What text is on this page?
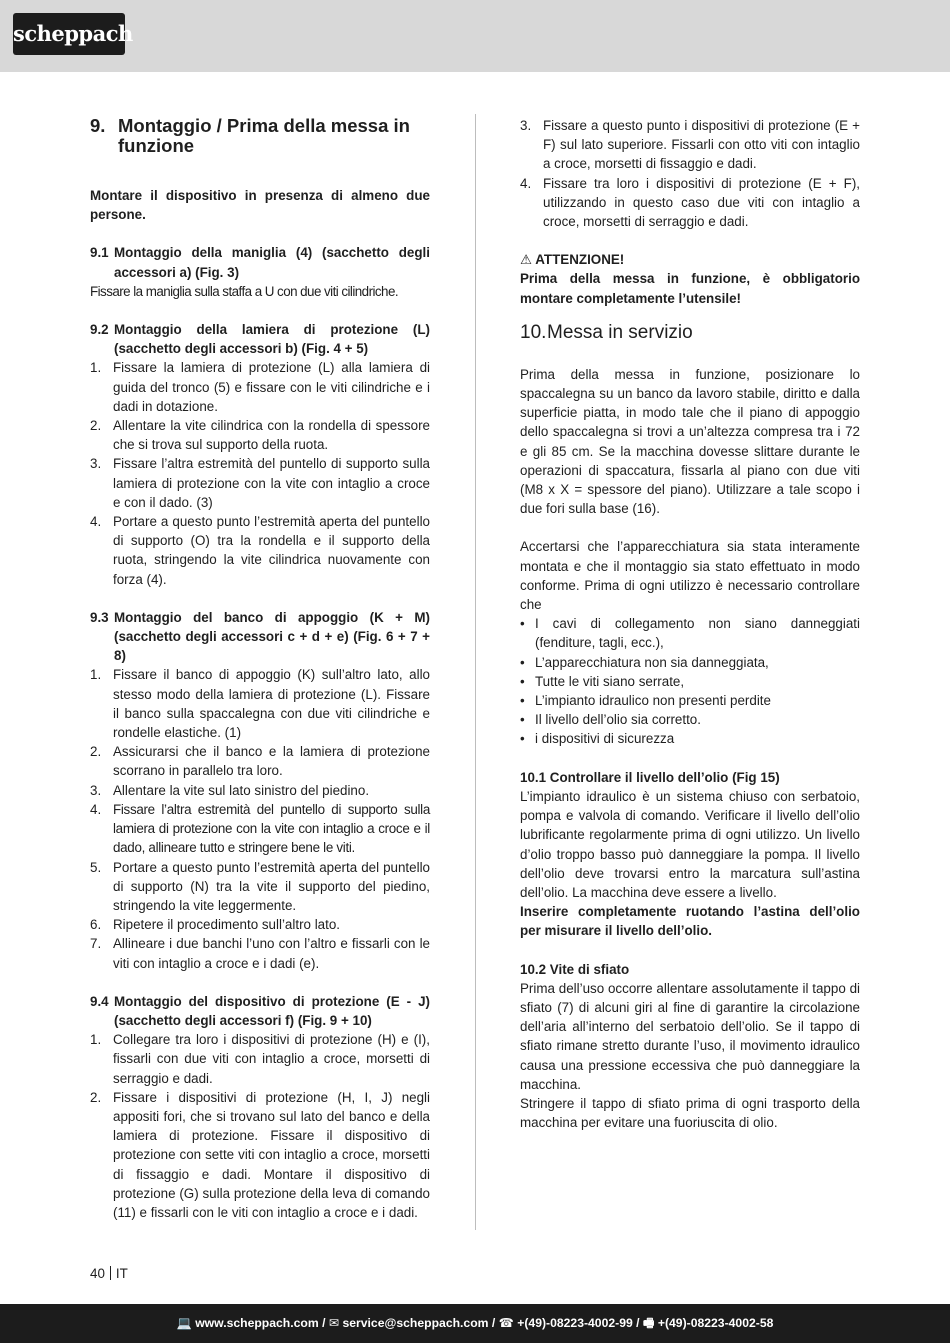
scheppach
9. Montaggio / Prima della messa in funzione

Montare il dispositivo in presenza di almeno due persone.

9.1 Montaggio della maniglia (4) (sacchetto degli accessori a) (Fig. 3)

Fissare la maniglia sulla staffa a U con due viti cilindriche.

9.2 Montaggio della lamiera di protezione (L) (sacchetto degli accessori b) (Fig. 4 + 5)
1. Fissare la lamiera di protezione (L) alla lamiera di guida del tronco (5) e fissare con le viti cilindriche e i dadi in dotazione.
2. Allentare la vite cilindrica con la rondella di spessore che si trova sul supporto della ruota.
3. Fissare l’altra estremità del puntello di supporto sulla lamiera di protezione con la vite con intaglio a croce e con il dado. (3)
4. Portare a questo punto l’estremità aperta del puntello di supporto (O) tra la rondella e il supporto della ruota, stringendo la vite cilindrica nuovamente con forza (4).
9.3 Montaggio del banco di appoggio (K + M) (sacchetto degli accessori c + d + e) (Fig. 6 + 7 + 8)
1. Fissare il banco di appoggio (K) sull’altro lato, allo stesso modo della lamiera di protezione (L). Fissare il banco sulla spaccalegna con due viti cilindriche e rondelle elastiche. (1)
2. Assicurarsi che il banco e la lamiera di protezione scorrano in parallelo tra loro.
3. Allentare la vite sul lato sinistro del piedino.
4. Fissare l’altra estremità del puntello di supporto sulla lamiera di protezione con la vite con intaglio a croce e il dado, allineare tutto e stringere bene le viti.
5. Portare a questo punto l’estremità aperta del puntello di supporto (N) tra la vite il supporto del piedino, stringendo la vite leggermente.
6. Ripetere il procedimento sull’altro lato.
7. Allineare i due banchi l’uno con l’altro e fissarli con le viti con intaglio a croce e i dadi (e).
9.4 Montaggio del dispositivo di protezione (E - J) (sacchetto degli accessori f) (Fig. 9 + 10)
1. Collegare tra loro i dispositivi di protezione (H) e (I), fissarli con due viti con intaglio a croce, morsetti di serraggio e dadi.
2. Fissare i dispositivi di protezione (H, I, J) negli appositi fori, che si trovano sul lato del banco e della lamiera di protezione. Fissare il dispositivo di protezione con sette viti con intaglio a croce, morsetti di fissaggio e dadi. Montare il dispositivo di protezione (G) sulla protezione della leva di comando (11) e fissarli con le viti con intaglio a croce e i dadi.
3. Fissare a questo punto i dispositivi di protezione (E + F) sul lato superiore. Fissarli con otto viti con intaglio a croce, morsetti di fissaggio e dadi.
4. Fissare tra loro i dispositivi di protezione (E + F), utilizzando in questo caso due viti con intaglio a croce, morsetti di serraggio e dadi.

⚠ ATTENZIONE!

Prima della messa in funzione, è obbligatorio montare completamente l’utensile!

10. Messa in servizio

Prima della messa in funzione, posizionare lo spaccalegna su un banco da lavoro stabile, diritto e dalla superficie piatta, in modo tale che il piano di appoggio dello spaccalegna si trovi a un’altezza compresa tra i 72 e gli 85 cm. Se la macchina dovesse slittare durante le operazioni di spaccatura, fissarla al piano con due viti (M8 x X = spessore del piano). Utilizzare a tale scopo i due fori sulla base (16).

Accertarsi che l’apparecchiatura sia stata interamente montata e che il montaggio sia stato effettuato in modo conforme. Prima di ogni utilizzo è necessario controllare che

• I cavi di collegamento non siano danneggiati (fenditure, tagli, ecc.),
• L’apparecchiatura non sia danneggiata,
• Tutte le viti siano serrate,
• L’impianto idraulico non presenti perdite
• Il livello dell’olio sia corretto.
• i dispositivi di sicurezza

10.1 Controllare il livello dell’olio (Fig 15)

L’impianto idraulico è un sistema chiuso con serbatoio, pompa e valvola di comando. Verificare il livello dell’olio lubrificante regolarmente prima di ogni utilizzo. Un livello d’olio troppo basso può danneggiare la pompa. Il livello dell’olio deve trovarsi entro la marcatura sull’astina dell’olio. La macchina deve essere a livello.

Inserire completamente ruotando l’astina dell’olio per misurare il livello dell’olio.

10.2 Vite di sfiato

Prima dell’uso occorre allentare assolutamente il tappo di sfiato (7) di alcuni giri al fine di garantire la circolazione dell’aria all’interno del serbatoio dell’olio. Se il tappo di sfiato rimane stretto durante l’uso, il movimento idraulico causa una pressione eccessiva che può danneggiare la macchina.

Stringere il tappo di sfiato prima di ogni trasporto della macchina per evitare una fuoriuscita di olio.

40 IT
💻 www.scheppach.com / ✉ service@scheppach.com / ☎ +(49)-08223-4002-99 / 🖷 +(49)-08223-4002-58
